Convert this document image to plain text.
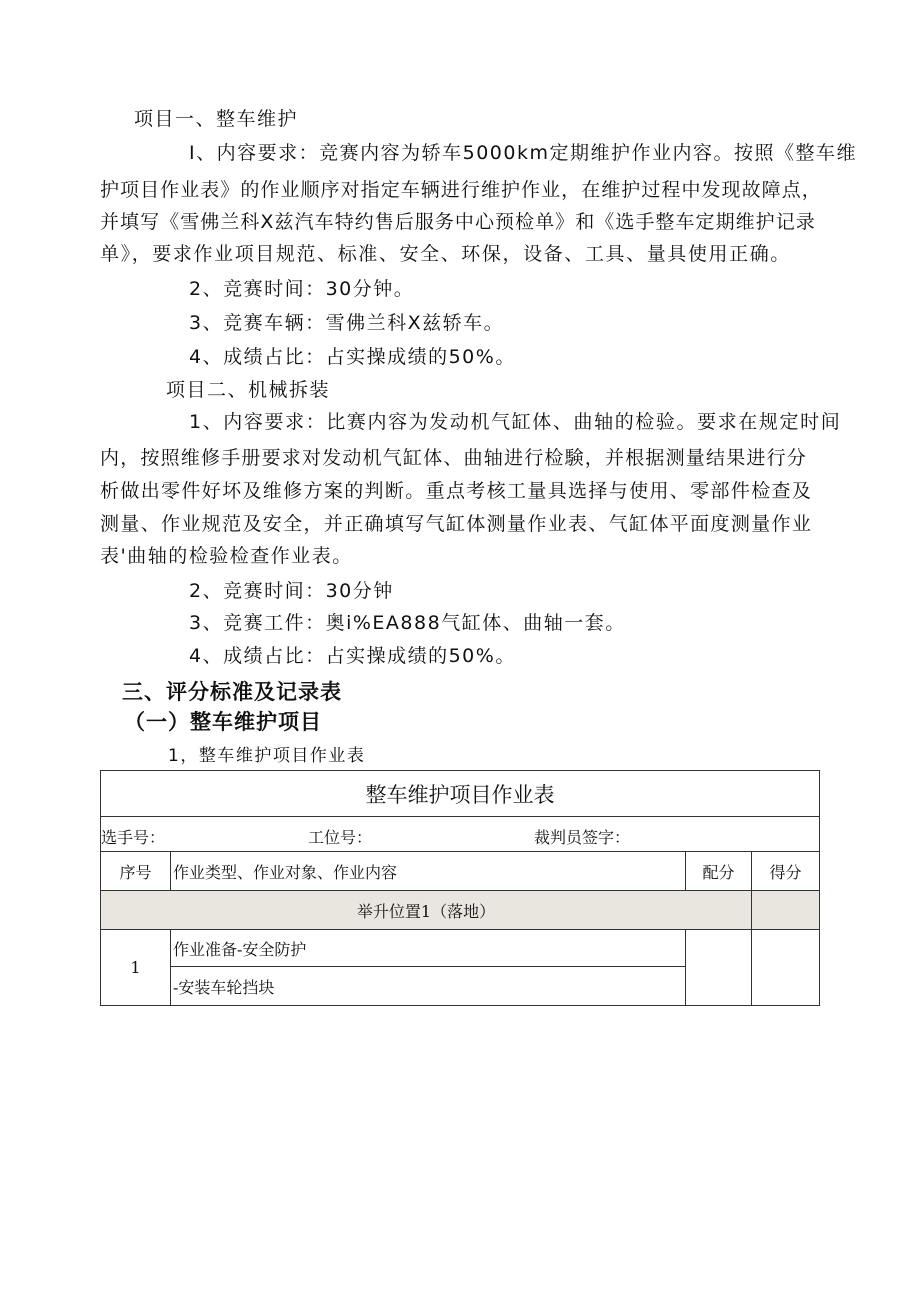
项目一、整车维护
I、内容要求：竞赛内容为轿车5000km定期维护作业内容。按照《整车维
护项目作业表》的作业顺序对指定车辆进行维护作业，在维护过程中发现故障点，
并填写《雪佛兰科X兹汽车特约售后服务中心预检单》和《选手整车定期维护记录
单》，要求作业项目规范、标准、安全、环保，设备、工具、量具使用正确。
2、竞赛时间：30分钟。
3、竞赛车辆：雪佛兰科X兹轿车。
4、成绩占比：占实操成绩的50%。
项目二、机械拆装
1、内容要求：比赛内容为发动机气缸体、曲轴的检验。要求在规定时间
内，按照维修手册要求对发动机气缸体、曲轴进行检験，并根据测量结果进行分
析做出零件好坏及维修方案的判断。重点考核工量具选择与使用、零部件检查及
测量、作业规范及安全，并正确填写气缸体测量作业表、气缸体平面度测量作业
表'曲轴的检验检查作业表。
2、竞赛时间：30分钟
3、竞赛工件：奥i%EA888气缸体、曲轴一套。
4、成绩占比：占实操成绩的50%。
三、评分标准及记录表
（一）整车维护项目
1，整车维护项目作业表
整车维护项目作业表			

选手号： 工位号： 裁判员签字：			

序号	作业类型、作业对象、作业内容	配分	得分
举升位置1（落地）			
1	作业准备-安全防护		
	-安装车轮挡块		
